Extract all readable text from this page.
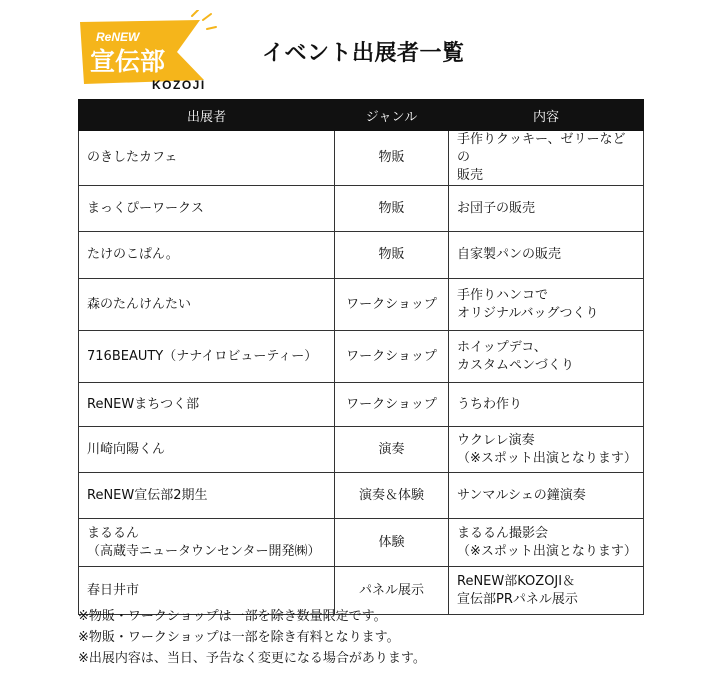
ReNEW
宣伝部
KOZOJI
イベント出展者一覧
出展者	ジャンル	内容
のきしたカフェ	物販	手作りクッキー、ゼリーなどの
販売
まっくぴーワークス	物販	お団子の販売
たけのこぱん。	物販	自家製パンの販売
森のたんけんたい	ワークショップ	手作りハンコで
オリジナルバッグつくり
716BEAUTY（ナナイロビューティー）	ワークショップ	ホイップデコ、
カスタムペンづくり
ReNEWまちつく部	ワークショップ	うちわ作り
川崎向陽くん	演奏	ウクレレ演奏
（※スポット出演となります）
ReNEW宣伝部2期生	演奏＆体験	サンマルシェの鐘演奏
まるるん
（高蔵寺ニュータウンセンター開発㈱）	体験	まるるん撮影会
（※スポット出演となります）
春日井市	パネル展示	ReNEW部KOZOJI＆
宣伝部PRパネル展示

※物販・ワークショップは一部を除き数量限定です。

※物販・ワークショップは一部を除き有料となります。

※出展内容は、当日、予告なく変更になる場合があります。
